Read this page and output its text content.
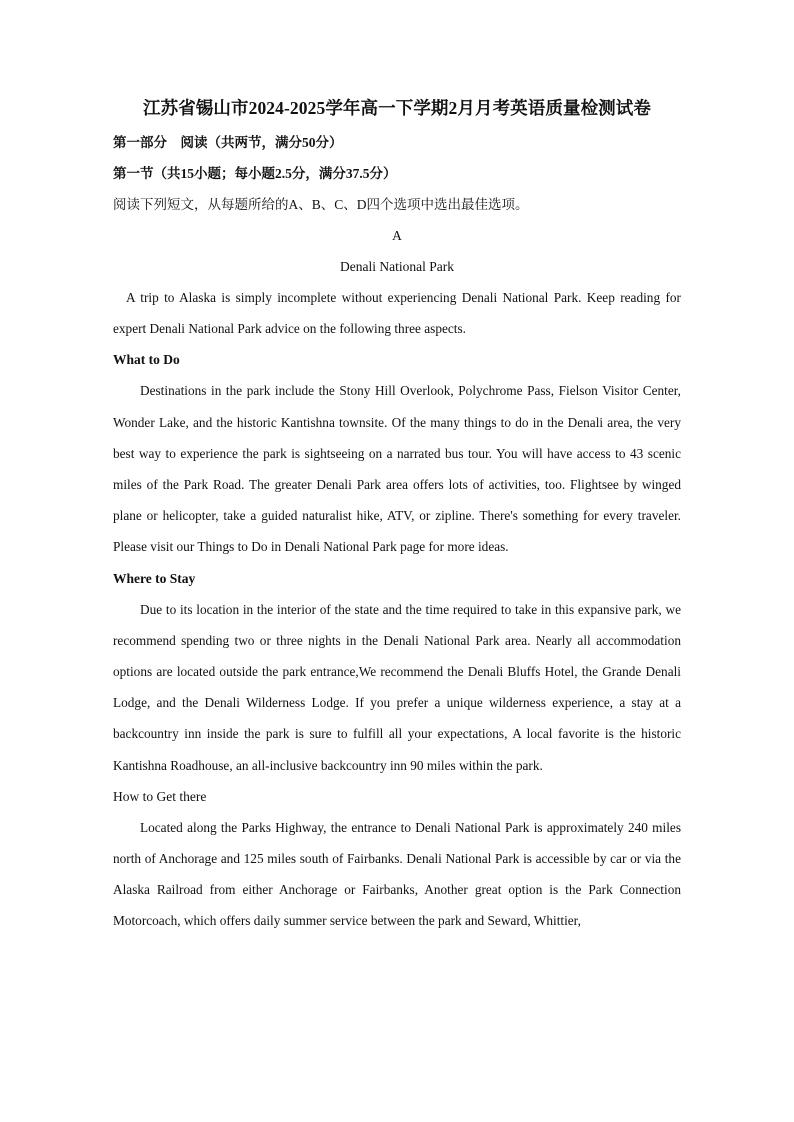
江苏省锡山市2024-2025学年高一下学期2月月考英语质量检测试卷
第一部分　阅读（共两节，满分50分）
第一节（共15小题；每小题2.5分，满分37.5分）
阅读下列短文，从每题所给的A、B、C、D四个选项中选出最佳选项。
A
Denali National Park

A trip to Alaska is simply incomplete without experiencing Denali National Park. Keep reading for expert Denali National Park advice on the following three aspects.

What to Do

Destinations in the park include the Stony Hill Overlook, Polychrome Pass, Fielson Visitor Center, Wonder Lake, and the historic Kantishna townsite. Of the many things to do in the Denali area, the very best way to experience the park is sightseeing on a narrated bus tour. You will have access to 43 scenic miles of the Park Road. The greater Denali Park area offers lots of activities, too. Flightsee by winged plane or helicopter, take a guided naturalist hike, ATV, or zipline. There's something for every traveler. Please visit our Things to Do in Denali National Park page for more ideas.

Where to Stay

Due to its location in the interior of the state and the time required to take in this expansive park, we recommend spending two or three nights in the Denali National Park area. Nearly all accommodation options are located outside the park entrance,We recommend the Denali Bluffs Hotel, the Grande Denali Lodge, and the Denali Wilderness Lodge. If you prefer a unique wilderness experience, a stay at a backcountry inn inside the park is sure to fulfill all your expectations, A local favorite is the historic Kantishna Roadhouse, an all-inclusive backcountry inn 90 miles within the park.

How to Get there

Located along the Parks Highway, the entrance to Denali National Park is approximately 240 miles north of Anchorage and 125 miles south of Fairbanks. Denali National Park is accessible by car or via the Alaska Railroad from either Anchorage or Fairbanks, Another great option is the Park Connection Motorcoach, which offers daily summer service between the park and Seward, Whittier,
